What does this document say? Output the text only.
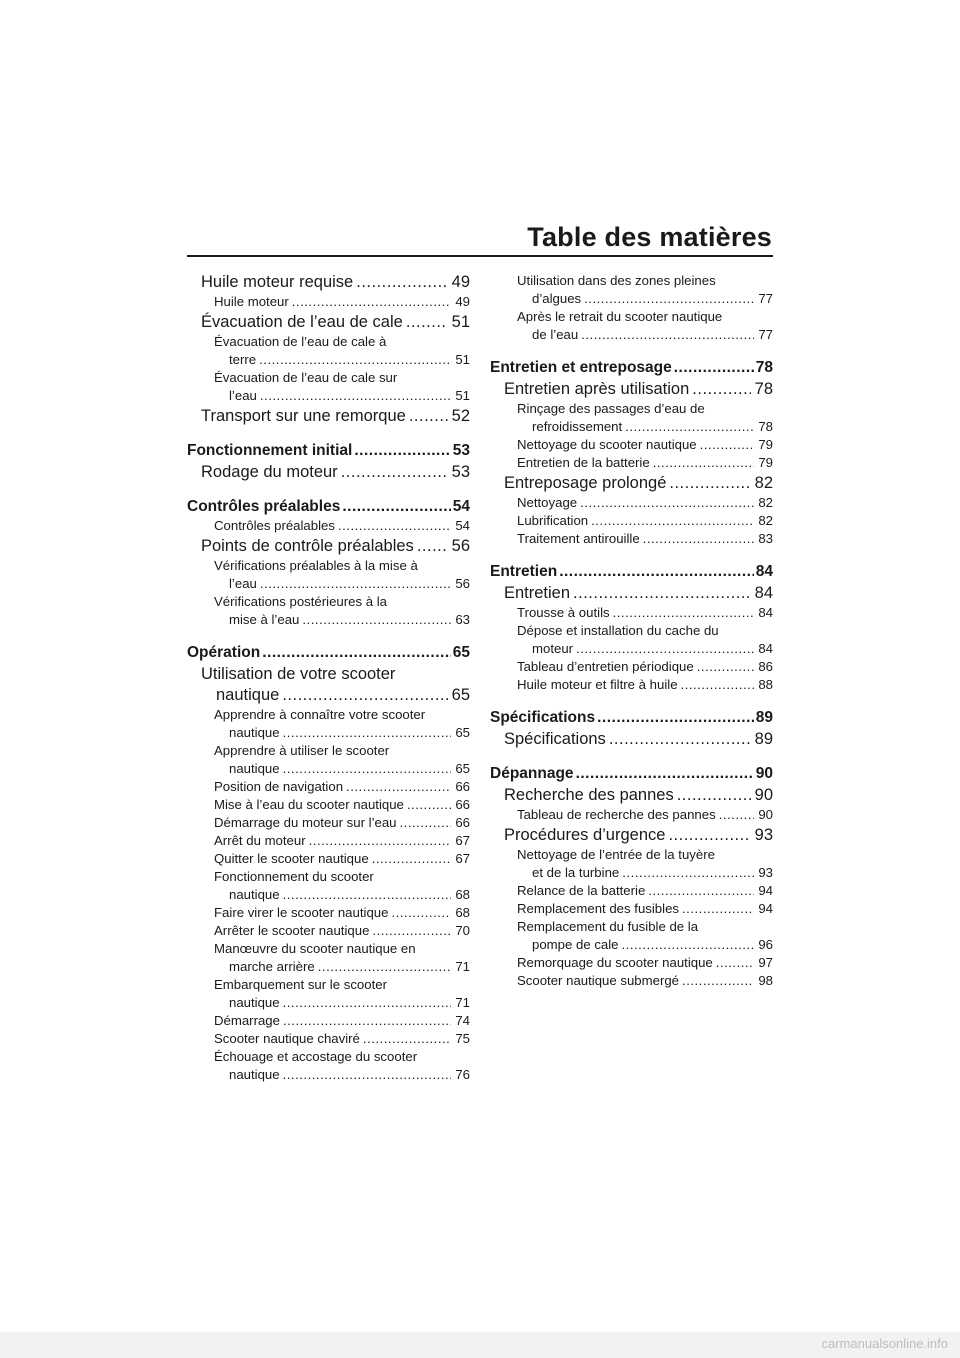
Table des matières
Huile moteur requise .....	49
Huile moteur .....	49
Évacuation de l’eau de cale .....	51
Évacuation de l’eau de cale à
terre .....	51
Évacuation de l’eau de cale sur
l’eau .....	51
Transport sur une remorque .....	52
Fonctionnement initial .....	53
Rodage du moteur .....	53
Contrôles préalables .....	54
Contrôles préalables .....	54
Points de contrôle préalables ..... 56
Vérifications préalables à la mise à
l’eau .....	56
Vérifications postérieures à la
mise à l’eau .....	63
Opération .....	65
Utilisation de votre scooter
nautique .....	65
Apprendre à connaître votre scooter
nautique .....	65
Apprendre à utiliser le scooter
nautique .....	65
Position de navigation .....	66
Mise à l’eau du scooter nautique .....	66
Démarrage du moteur sur l’eau .....	66
Arrêt du moteur .....	67
Quitter le scooter nautique .....	67
Fonctionnement du scooter
nautique .....	68
Faire virer le scooter nautique .....	68
Arrêter le scooter nautique .....	70
Manœuvre du scooter nautique en
marche arrière .....	71
Embarquement sur le scooter
nautique .....	71
Démarrage .....	74
Scooter nautique chaviré .....	75
Échouage et accostage du scooter
nautique .....	76
Utilisation dans des zones pleines
d’algues .....	77
Après le retrait du scooter nautique
de l’eau .....	77
Entretien et entreposage .....	78
Entretien après utilisation .....	78
Rinçage des passages d’eau de
refroidissement .....	78
Nettoyage du scooter nautique .....	79
Entretien de la batterie .....	79
Entreposage prolongé .....	82
Nettoyage .....	82
Lubrification .....	82
Traitement antirouille .....	83
Entretien .....	84
Entretien .....	84
Trousse à outils .....	84
Dépose et installation du cache du
moteur .....	84
Tableau d’entretien périodique .....	86
Huile moteur et filtre à huile .....	88
Spécifications .....	89
Spécifications .....	89
Dépannage .....	90
Recherche des pannes .....	90
Tableau de recherche des pannes .....	90
Procédures d’urgence .....	93
Nettoyage de l’entrée de la tuyère
et de la turbine .....	93
Relance de la batterie .....	94
Remplacement des fusibles .....	94
Remplacement du fusible de la
pompe de cale .....	96
Remorquage du scooter nautique .....	97
Scooter nautique submergé .....	98
carmanualsonline.info
